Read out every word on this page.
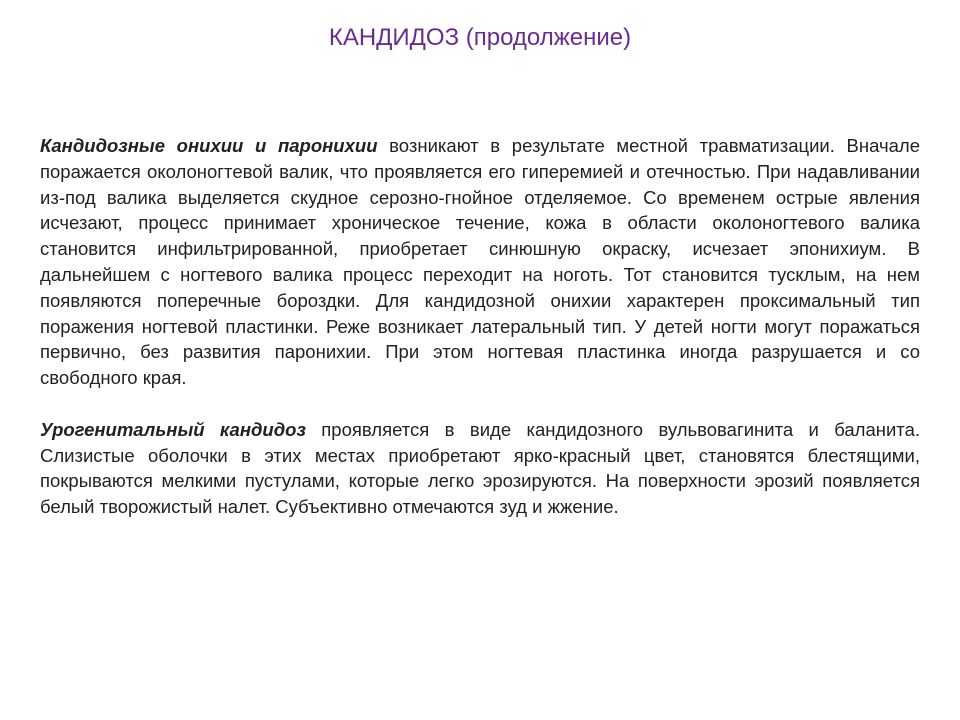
КАНДИДОЗ (продолжение)

Кандидозные онихии и паронихии возникают в результате местной травматизации. Вначале поражается околоногтевой валик, что проявляется его гиперемией и отечностью. При надавливании из-под валика выделяется скудное серозно-гнойное отделяемое. Со временем острые явления исчезают, процесс принимает хроническое течение, кожа в области околоногтевого валика становится инфильтрированной, приобретает синюшную окраску, исчезает эпонихиум. В дальнейшем с ногтевого валика процесс переходит на ноготь. Тот становится тусклым, на нем появляются поперечные бороздки. Для кандидозной онихии характерен проксимальный тип поражения ногтевой пластинки. Реже возникает латеральный тип. У детей ногти могут поражаться первично, без развития паронихии. При этом ногтевая пластинка иногда разрушается и со свободного края.

Урогенитальный кандидоз проявляется в виде кандидозного вульвовагинита и баланита. Слизистые оболочки в этих местах приобретают ярко-красный цвет, становятся блестящими, покрываются мелкими пустулами, которые легко эрозируются. На поверхности эрозий появляется белый творожистый налет. Субъективно отмечаются зуд и жжение.
